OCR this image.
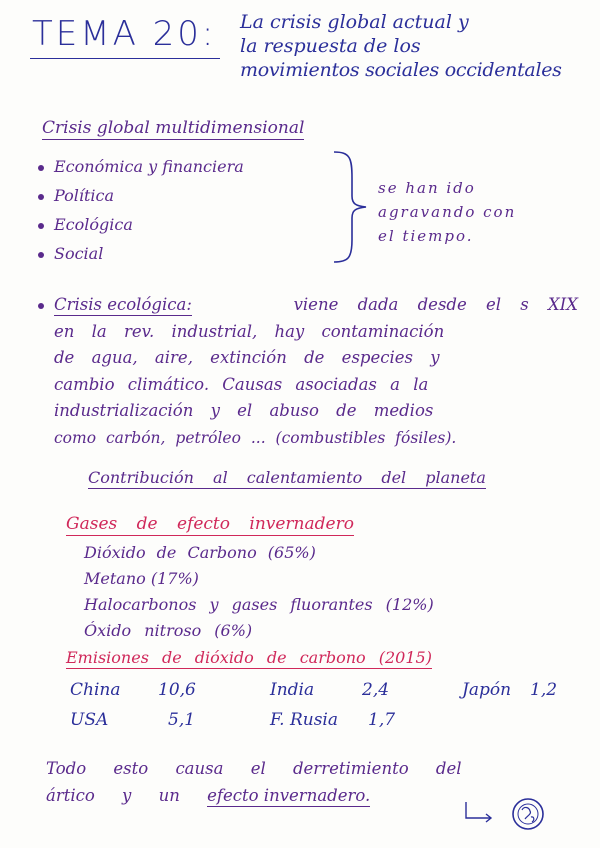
TEMA 20: La crisis global actual y
la respuesta de los
movimientos sociales occidentales
Crisis global multidimensional
Económica y financiera
Política
Ecológica
Social
se han ido
agravando con
el tiempo.
Crisis ecológica:	viene dada desde el s XIX
en la rev. industrial, hay contaminación
de agua, aire, extinción de especies y
cambio climático. Causas asociadas a la
industrialización y el abuso de medios
como carbón, petróleo ... (combustibles fósiles).
Contribución al calentamiento del planeta
Gases de efecto invernadero
Dióxido de Carbono (65%)
Metano (17%)
Halocarbonos y gases fluorantes (12%)
Óxido nitroso (6%)
Emisiones de dióxido de carbono (2015)
China 10,6	India	2,4	Japón 1,2
USA	5,1	F. Rusia 1,7
Todo esto causa el derretimiento del
ártico y un efecto invernadero.
